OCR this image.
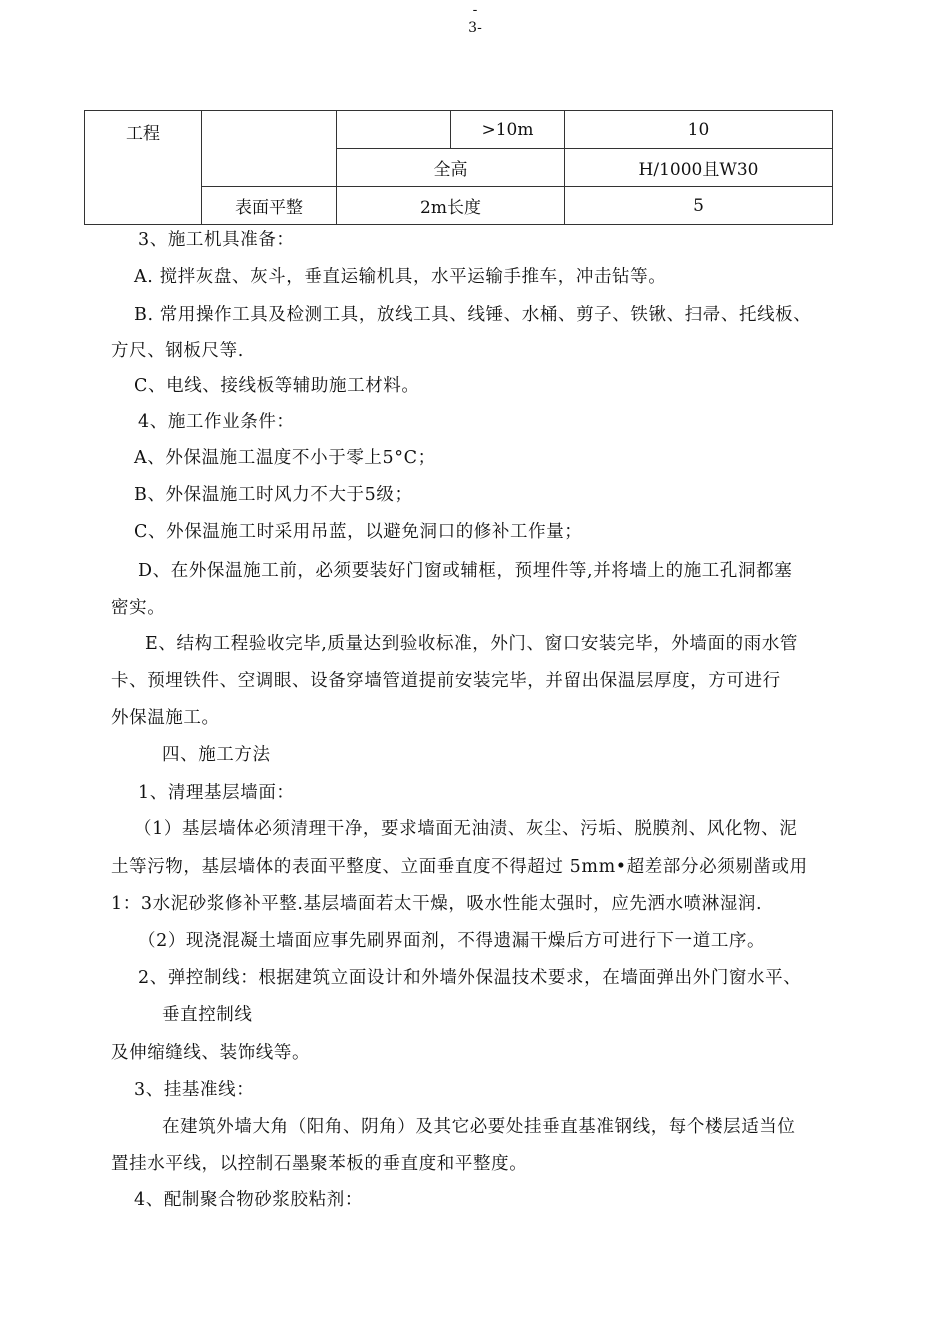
-
3-
工程			>10m	10
		全高		H/1000且W30
	表面平整	2m长度		5
3、施工机具准备：
A. 搅拌灰盘、灰斗，垂直运输机具，水平运输手推车，冲击钻等。
B. 常用操作工具及检测工具，放线工具、线锤、水桶、剪子、铁锹、扫帚、托线板、
方尺、钢板尺等.
C、电线、接线板等辅助施工材料。
4、施工作业条件：
A、外保温施工温度不小于零上5°C；
B、外保温施工时风力不大于5级；
C、外保温施工时采用吊蓝，以避免洞口的修补工作量；
D、在外保温施工前，必须要装好门窗或辅框，预埋件等,并将墙上的施工孔洞都塞
密实。
E、结构工程验收完毕,质量达到验收标准，外门、窗口安装完毕，外墙面的雨水管
卡、预埋铁件、空调眼、设备穿墙管道提前安装完毕，并留出保温层厚度，方可进行
外保温施工。
四、施工方法
1、清理基层墙面：
（1）基层墙体必须清理干净，要求墙面无油渍、灰尘、污垢、脱膜剂、风化物、泥
土等污物，基层墙体的表面平整度、立面垂直度不得超过 5mm•超差部分必须剔凿或用
1：3水泥砂浆修补平整.基层墙面若太干燥，吸水性能太强时，应先洒水喷淋湿润.
（2）现浇混凝土墙面应事先刷界面剂，不得遗漏干燥后方可进行下一道工序。
2、弹控制线：根据建筑立面设计和外墙外保温技术要求，在墙面弹出外门窗水平、
垂直控制线
及伸缩缝线、装饰线等。
3、挂基准线：
在建筑外墙大角（阳角、阴角）及其它必要处挂垂直基准钢线，每个楼层适当位
置挂水平线，以控制石墨聚苯板的垂直度和平整度。
4、配制聚合物砂浆胶粘剂：
